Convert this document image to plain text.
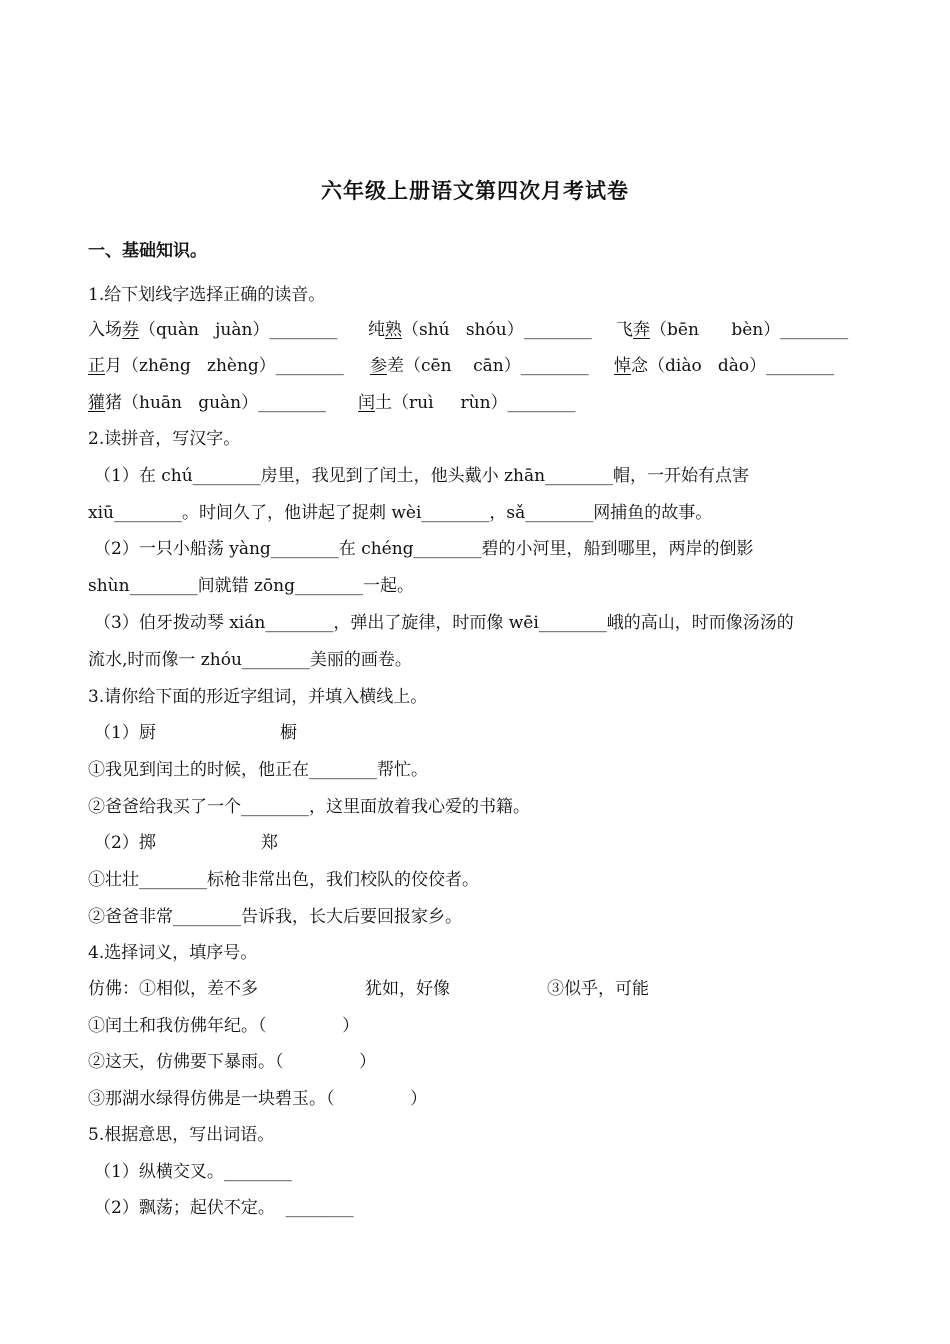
六年级上册语文第四次月考试卷
一、基础知识。
1.给下划线字选择正确的读音。
入场券（quàn   juàn）________ 纯熟（shú   shóu）________ 飞奔（bēn      bèn）________
正月（zhēng   zhèng）________ 参差（cēn    cān）________ 悼念（diào   dào）________
獾猪（huān   guàn）________ 闰土（ruì     rùn）________
2.读拼音，写汉字。
（1）在 chú________房里，我见到了闰土，他头戴小 zhān________帽，一开始有点害
xiū________。时间久了，他讲起了捉刺 wèi________，sǎ________网捕鱼的故事。
（2）一只小船荡 yàng________在 chéng________碧的小河里，船到哪里，两岸的倒影
shùn________间就错 zōng________一起。
（3）伯牙拨动琴 xián________，弹出了旋律，时而像 wēi________峨的高山，时而像汤汤的
流水,时而像一 zhóu________美丽的画卷。
3.请你给下面的形近字组词，并填入横线上。
（1）厨	橱
①我见到闰土的时候，他正在________帮忙。
②爸爸给我买了一个________，这里面放着我心爱的书籍。
（2）掷	郑
①壮壮________标枪非常出色，我们校队的佼佼者。
②爸爸非常________告诉我，长大后要回报家乡。
4.选择词义，填序号。
仿佛：①相似，差不多	犹如，好像	③似乎，可能
①闰土和我仿佛年纪。（              ）
②这天，仿佛要下暴雨。（              ）
③那湖水绿得仿佛是一块碧玉。（              ）
5.根据意思，写出词语。
（1）纵横交叉。________
（2）飘荡；起伏不定。  ________
